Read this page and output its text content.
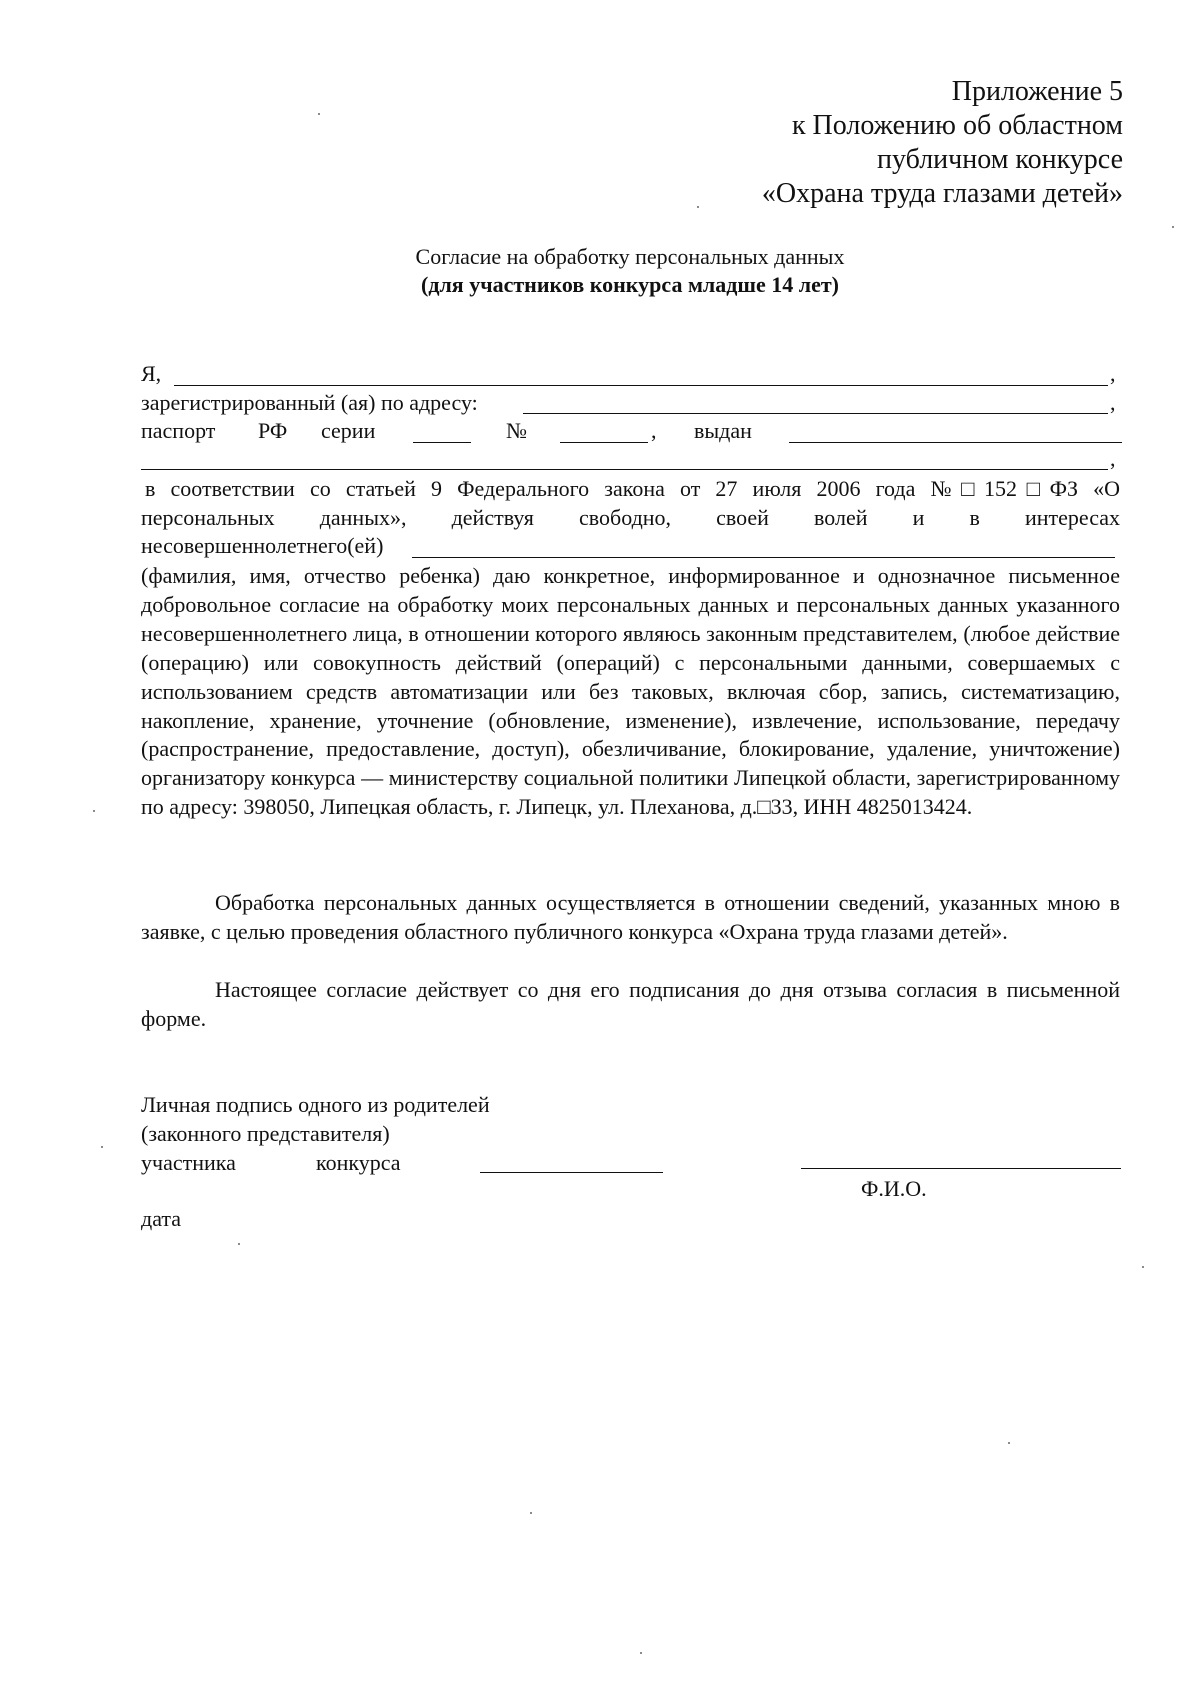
Приложение 5
к Положению об областном
публичном конкурсе
«Охрана труда глазами детей»
Согласие на обработку персональных данных
(для участников конкурса младше 14 лет)
Я,	,
зарегистрированный (ая) по адресу:	,
паспорт РФ серии	№	, выдан
,
в соответствии со статьей 9 Федерального закона от 27 июля 2006 года №□152□ФЗ «О
персональных данных», действуя свободно, своей волей и в интересах
несовершеннолетнего(ей)
(фамилия, имя, отчество ребенка) даю конкретное, информированное и однозначное письменное добровольное согласие на обработку моих персональных данных и персональных данных указанного несовершеннолетнего лица, в отношении которого являюсь законным представителем, (любое действие (операцию) или совокупность действий (операций) с персональными данными, совершаемых с использованием средств автоматизации или без таковых, включая сбор, запись, систематизацию, накопление, хранение, уточнение (обновление, изменение), извлечение, использование, передачу (распространение, предоставление, доступ), обезличивание, блокирование, удаление, уничтожение) организатору конкурса — министерству социальной политики Липецкой области, зарегистрированному по адресу: 398050, Липецкая область, г. Липецк, ул. Плеханова, д.□33, ИНН 4825013424.
Обработка персональных данных осуществляется в отношении сведений, указанных мною в заявке, с целью проведения областного публичного конкурса «Охрана труда глазами детей».
Настоящее согласие действует со дня его подписания до дня отзыва согласия в письменной форме.
Личная подпись одного из родителей
(законного представителя)
участника	конкурса
Ф.И.О.
дата
